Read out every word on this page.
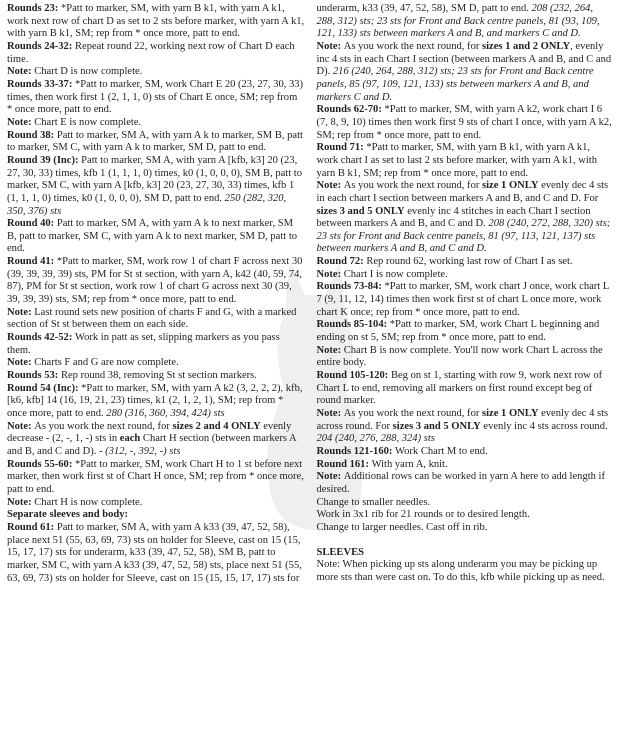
Rounds 23: *Patt to marker, SM, with yarn B k1, with yarn A k1, work next row of chart D as set to 2 sts before marker, with yarn A k1, with yarn B k1, SM; rep from * once more, patt to end.

Rounds 24-32: Repeat round 22, working next row of Chart D each time.

Note: Chart D is now complete.

Rounds 33-37: *Patt to marker, SM, work Chart E 20 (23, 27, 30, 33) times, then work first 1 (2, 1, 1, 0) sts of Chart E once, SM; rep from * once more, patt to end.

Note: Chart E is now complete.

Round 38: Patt to marker, SM A, with yarn A k to marker, SM B, patt to marker, SM C, with yarn A k to marker, SM D, patt to end.

Round 39 (Inc): Patt to marker, SM A, with yarn A [kfb, k3] 20 (23, 27, 30, 33) times, kfb 1 (1, 1, 1, 0) times, k0 (1, 0, 0, 0), SM B, patt to marker, SM C, with yarn A [kfb, k3] 20 (23, 27, 30, 33) times, kfb 1 (1, 1, 1, 0) times, k0 (1, 0, 0, 0), SM D, patt to end. 250 (282, 320, 350, 376) sts

Round 40: Patt to marker, SM A, with yarn A k to next marker, SM B, patt to marker, SM C, with yarn A k to next marker, SM D, patt to end.

Round 41: *Patt to marker, SM, work row 1 of chart F across next 30 (39, 39, 39, 39) sts, PM for St st section, with yarn A, k42 (40, 59, 74, 87), PM for St st section, work row 1 of chart G across next 30 (39, 39, 39, 39) sts, SM; rep from * once more, patt to end.

Note: Last round sets new position of charts F and G, with a marked section of St st between them on each side.

Rounds 42-52: Work in patt as set, slipping markers as you pass them.

Note: Charts F and G are now complete.

Rounds 53: Rep round 38, removing St st section markers.

Round 54 (Inc): *Patt to marker, SM, with yarn A k2 (3, 2, 2, 2), kfb, [k6, kfb] 14 (16, 19, 21, 23) times, k1 (2, 1, 2, 1), SM; rep from * once more, patt to end. 280 (316, 360, 394, 424) sts

Note: As you work the next round, for sizes 2 and 4 ONLY evenly decrease - (2, -, 1, -) sts in each Chart H section (between markers A and B, and C and D). - (312, -, 392, -) sts

Rounds 55-60: *Patt to marker, SM, work Chart H to 1 st before next marker, then work first st of Chart H once, SM; rep from * once more, patt to end.

Note: Chart H is now complete.

Separate sleeves and body:

Round 61: Patt to marker, SM A, with yarn A k33 (39, 47, 52, 58), place next 51 (55, 63, 69, 73) sts on holder for Sleeve, cast on 15 (15, 15, 17, 17) sts for underarm, k33 (39, 47, 52, 58), SM B, patt to marker, SM C, with yarn A k33 (39, 47, 52, 58) sts, place next 51 (55, 63, 69, 73) sts on holder for Sleeve, cast on 15 (15, 15, 17, 17) sts for

underarm, k33 (39, 47, 52, 58), SM D, patt to end. 208 (232, 264, 288, 312) sts; 23 sts for Front and Back centre panels, 81 (93, 109, 121, 133) sts between markers A and B, and markers C and D.

Note: As you work the next round, for sizes 1 and 2 ONLY, evenly inc 4 sts in each Chart I section (between markers A and B, and C and D). 216 (240, 264, 288, 312) sts; 23 sts for Front and Back centre panels, 85 (97, 109, 121, 133) sts between markers A and B, and markers C and D.

Rounds 62-70: *Patt to marker, SM, with yarn A k2, work chart I 6 (7, 8, 9, 10) times then work first 9 sts of chart I once, with yarn A k2, SM; rep from * once more, patt to end.

Round 71: *Patt to marker, SM, with yarn B k1, with yarn A k1, work chart I as set to last 2 sts before marker, with yarn A k1, with yarn B k1, SM; rep from * once more, patt to end.

Note: As you work the next round, for size 1 ONLY evenly dec 4 sts in each chart I section between markers A and B, and C and D. For sizes 3 and 5 ONLY evenly inc 4 stitches in each Chart I section between markers A and B, and C and D. 208 (240, 272, 288, 320) sts; 23 sts for Front and Back centre panels, 81 (97, 113, 121, 137) sts between markers A and B, and C and D.

Round 72: Rep round 62, working last row of Chart I as set.

Note: Chart I is now complete.

Rounds 73-84: *Patt to marker, SM, work chart J once, work chart L 7 (9, 11, 12, 14) times then work first st of chart L once more, work chart K once; rep from * once more, patt to end.

Rounds 85-104: *Patt to marker, SM, work Chart L beginning and ending on st 5, SM; rep from * once more, patt to end.

Note: Chart B is now complete. You'll now work Chart L across the entire body.

Round 105-120: Beg on st 1, starting with row 9, work next row of Chart L to end, removing all markers on first round except beg of round marker.

Note: As you work the next round, for size 1 ONLY evenly dec 4 sts across round. For sizes 3 and 5 ONLY evenly inc 4 sts across round. 204 (240, 276, 288, 324) sts

Rounds 121-160: Work Chart M to end.

Round 161: With yarn A, knit.

Note: Additional rows can be worked in yarn A here to add length if desired.

Change to smaller needles.

Work in 3x1 rib for 21 rounds or to desired length.

Change to larger needles. Cast off in rib.

SLEEVES

Note: When picking up sts along underarm you may be picking up more sts than were cast on. To do this, kfb while picking up as need.
